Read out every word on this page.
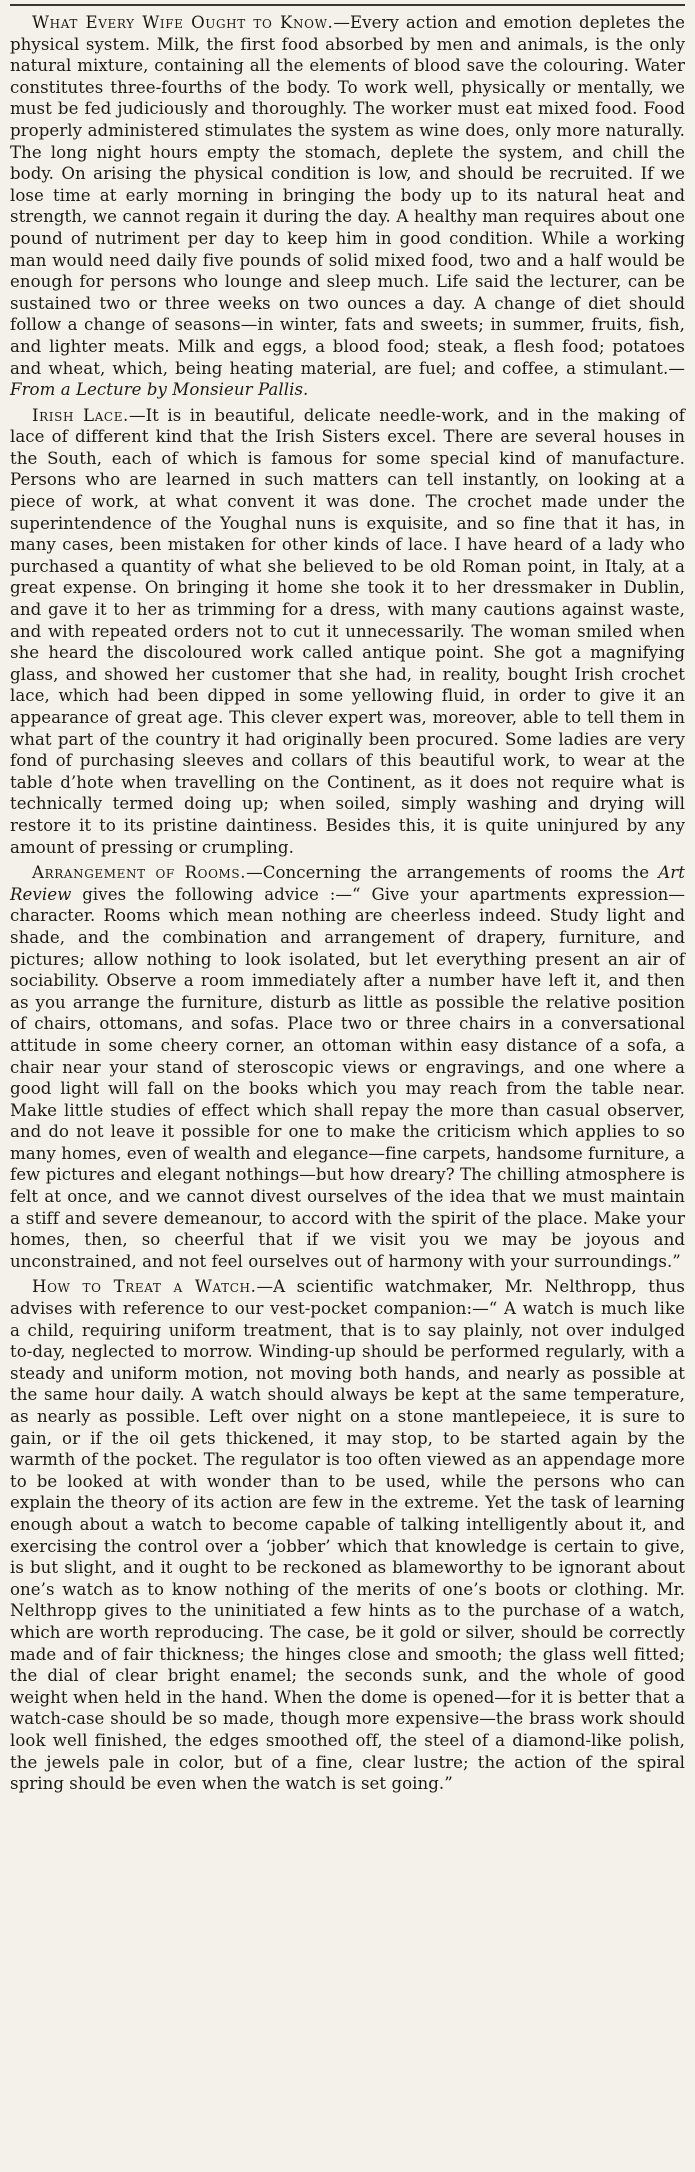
What Every Wife Ought to Know.—Every action and emotion depletes the physical system. Milk, the first food absorbed by men and animals, is the only natural mixture, containing all the elements of blood save the colouring. Water constitutes three-fourths of the body. To work well, physically or mentally, we must be fed judiciously and thoroughly. The worker must eat mixed food. Food properly administered stimulates the system as wine does, only more naturally. The long night hours empty the stomach, deplete the system, and chill the body. On arising the physical condition is low, and should be recruited. If we lose time at early morning in bringing the body up to its natural heat and strength, we cannot regain it during the day. A healthy man requires about one pound of nutriment per day to keep him in good condition. While a working man would need daily five pounds of solid mixed food, two and a half would be enough for persons who lounge and sleep much. Life said the lecturer, can be sustained two or three weeks on two ounces a day. A change of diet should follow a change of seasons—in winter, fats and sweets; in summer, fruits, fish, and lighter meats. Milk and eggs, a blood food; steak, a flesh food; potatoes and wheat, which, being heating material, are fuel; and coffee, a stimulant.—From a Lecture by Monsieur Pallis.

Irish Lace.—It is in beautiful, delicate needle-work, and in the making of lace of different kind that the Irish Sisters excel. There are several houses in the South, each of which is famous for some special kind of manufacture. Persons who are learned in such matters can tell instantly, on looking at a piece of work, at what convent it was done. The crochet made under the superintendence of the Youghal nuns is exquisite, and so fine that it has, in many cases, been mistaken for other kinds of lace. I have heard of a lady who purchased a quantity of what she believed to be old Roman point, in Italy, at a great expense. On bringing it home she took it to her dressmaker in Dublin, and gave it to her as trimming for a dress, with many cautions against waste, and with repeated orders not to cut it unnecessarily. The woman smiled when she heard the discoloured work called antique point. She got a magnifying glass, and showed her customer that she had, in reality, bought Irish crochet lace, which had been dipped in some yellowing fluid, in order to give it an appearance of great age. This clever expert was, moreover, able to tell them in what part of the country it had originally been procured. Some ladies are very fond of purchasing sleeves and collars of this beautiful work, to wear at the table d’hote when travelling on the Continent, as it does not require what is technically termed doing up; when soiled, simply washing and drying will restore it to its pristine daintiness. Besides this, it is quite uninjured by any amount of pressing or crumpling.

Arrangement of Rooms.—Concerning the arrangements of rooms the Art Review gives the following advice :—“ Give your apartments expression—character. Rooms which mean nothing are cheerless indeed. Study light and shade, and the combination and arrangement of drapery, furniture, and pictures; allow nothing to look isolated, but let everything present an air of sociability. Observe a room immediately after a number have left it, and then as you arrange the furniture, disturb as little as possible the relative position of chairs, ottomans, and sofas. Place two or three chairs in a conversational attitude in some cheery corner, an ottoman within easy distance of a sofa, a chair near your stand of steroscopic views or engravings, and one where a good light will fall on the books which you may reach from the table near. Make little studies of effect which shall repay the more than casual observer, and do not leave it possible for one to make the criticism which applies to so many homes, even of wealth and elegance—fine carpets, handsome furniture, a few pictures and elegant nothings—but how dreary? The chilling atmosphere is felt at once, and we cannot divest ourselves of the idea that we must maintain a stiff and severe demeanour, to accord with the spirit of the place. Make your homes, then, so cheerful that if we visit you we may be joyous and unconstrained, and not feel ourselves out of harmony with your surroundings.”

How to Treat a Watch.—A scientific watchmaker, Mr. Nelthropp, thus advises with reference to our vest-pocket companion:—“ A watch is much like a child, requiring uniform treatment, that is to say plainly, not over indulged to-day, neglected to morrow. Winding-up should be performed regularly, with a steady and uniform motion, not moving both hands, and nearly as possible at the same hour daily. A watch should always be kept at the same temperature, as nearly as possible. Left over night on a stone mantlepeiece, it is sure to gain, or if the oil gets thickened, it may stop, to be started again by the warmth of the pocket. The regulator is too often viewed as an appendage more to be looked at with wonder than to be used, while the persons who can explain the theory of its action are few in the extreme. Yet the task of learning enough about a watch to become capable of talking intelligently about it, and exercising the control over a ‘jobber’ which that knowledge is certain to give, is but slight, and it ought to be reckoned as blameworthy to be ignorant about one’s watch as to know nothing of the merits of one’s boots or clothing. Mr. Nelthropp gives to the uninitiated a few hints as to the purchase of a watch, which are worth reproducing. The case, be it gold or silver, should be correctly made and of fair thickness; the hinges close and smooth; the glass well fitted; the dial of clear bright enamel; the seconds sunk, and the whole of good weight when held in the hand. When the dome is opened—for it is better that a watch-case should be so made, though more expensive—the brass work should look well finished, the edges smoothed off, the steel of a diamond-like polish, the jewels pale in color, but of a fine, clear lustre; the action of the spiral spring should be even when the watch is set going.”
